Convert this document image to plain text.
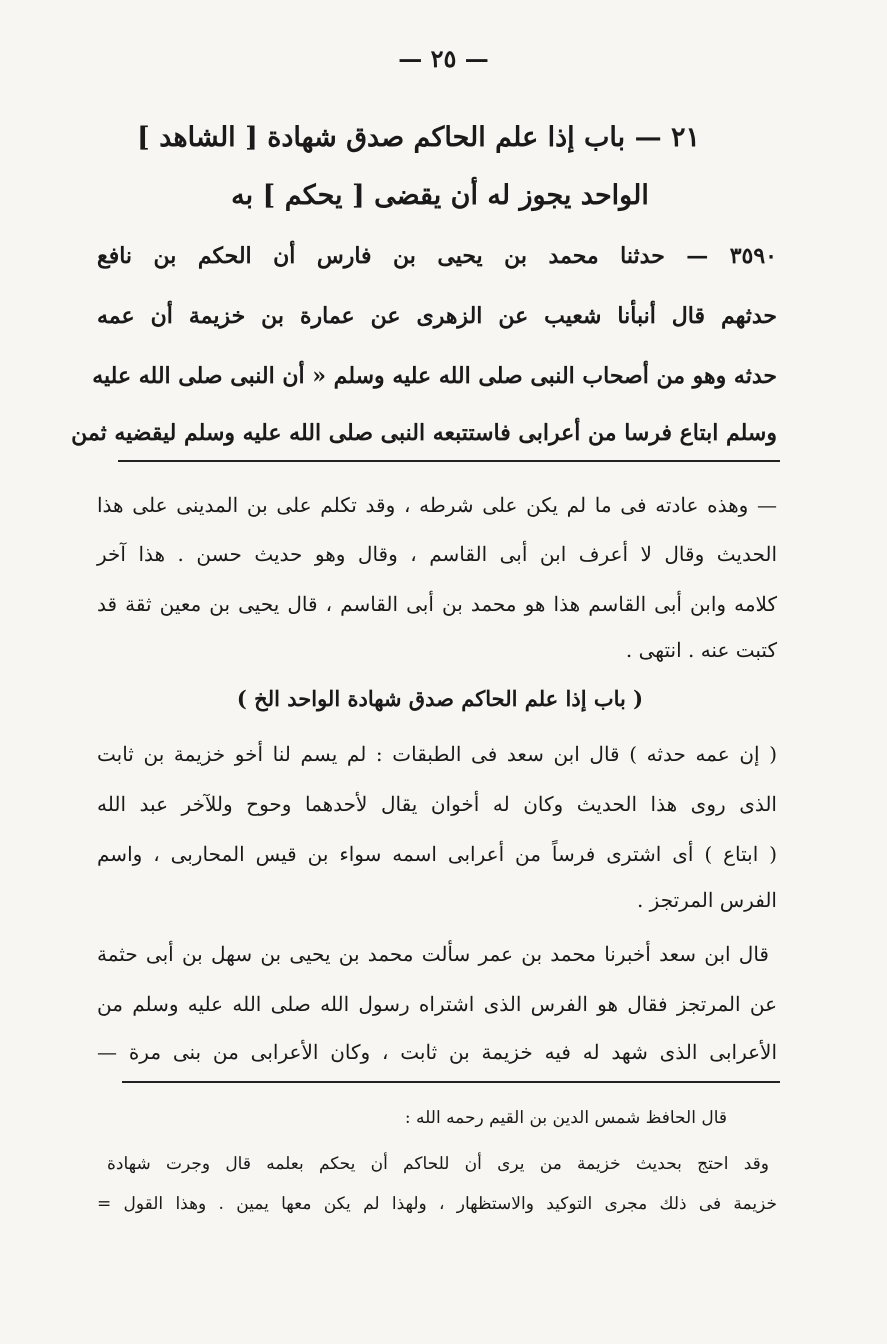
— ٢٥ —
٢١ — باب إذا علم الحاكم صدق شهادة [ الشاهد ]
الواحد يجوز له أن يقضى [ يحكم ] به
٣٥٩٠ — حدثنا محمد بن يحيى بن فارس أن الحكم بن نافع
حدثهم قال أنبأنا شعيب عن الزهرى عن عمارة بن خزيمة أن عمه
حدثه وهو من أصحاب النبى صلى الله عليه وسلم « أن النبى صلى الله عليه
وسلم ابتاع فرسا من أعرابى فاستتبعه النبى صلى الله عليه وسلم ليقضيه ثمن
— وهذه عادته فى ما لم يكن على شرطه ، وقد تكلم على بن المدينى على هذا
الحديث وقال لا أعرف ابن أبى القاسم ، وقال وهو حديث حسن . هذا آخر
كلامه وابن أبى القاسم هذا هو محمد بن أبى القاسم ، قال يحيى بن معين ثقة قد
كتبت عنه . انتهى .
( باب إذا علم الحاكم صدق شهادة الواحد الخ )
( إن عمه حدثه ) قال ابن سعد فى الطبقات : لم يسم لنا أخو خزيمة بن ثابت
الذى روى هذا الحديث وكان له أخوان يقال لأحدهما وحوح وللآخر عبد الله
( ابتاع ) أى اشترى فرساً من أعرابى اسمه سواء بن قيس المحاربى ، واسم
الفرس المرتجز .
قال ابن سعد أخبرنا محمد بن عمر سألت محمد بن يحيى بن سهل بن أبى حثمة
عن المرتجز فقال هو الفرس الذى اشتراه رسول الله صلى الله عليه وسلم من
الأعرابى الذى شهد له فيه خزيمة بن ثابت ، وكان الأعرابى من بنى مرة —
قال الحافظ شمس الدين بن القيم رحمه الله :
وقد احتج بحديث خزيمة من يرى أن للحاكم أن يحكم بعلمه قال وجرت شهادة
خزيمة فى ذلك مجرى التوكيد والاستظهار ، ولهذا لم يكن معها يمين . وهذا القول =
